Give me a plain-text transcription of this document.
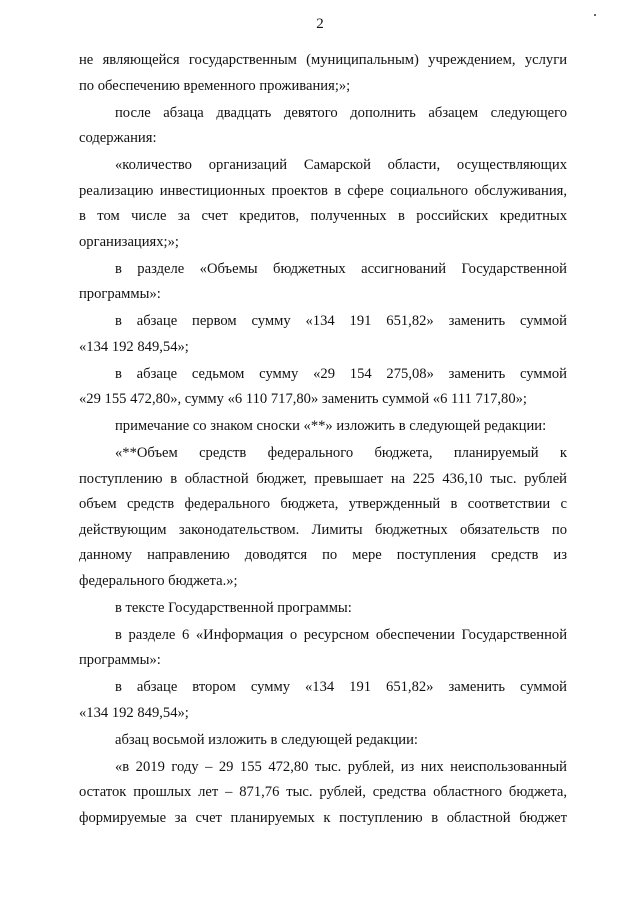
2
не являющейся государственным (муниципальным) учреждением, услуги
по обеспечению временного проживания;»;
после абзаца двадцать девятого дополнить абзацем следующего
содержания:
«количество организаций Самарской области, осуществляющих
реализацию инвестиционных проектов в сфере социального обслуживания,
в том числе за счет кредитов, полученных в российских кредитных
организациях;»;
в разделе «Объемы бюджетных ассигнований Государственной
программы»:
в абзаце первом сумму «134 191 651,82» заменить суммой
«134 192 849,54»;
в абзаце седьмом сумму «29 154 275,08» заменить суммой
«29 155 472,80», сумму «6 110 717,80» заменить суммой «6 111 717,80»;
примечание со знаком сноски «**» изложить в следующей редакции:
«**Объем средств федерального бюджета, планируемый к
поступлению в областной бюджет, превышает на 225 436,10 тыс. рублей
объем средств федерального бюджета, утвержденный в соответствии с
действующим законодательством. Лимиты бюджетных обязательств по
данному направлению доводятся по мере поступления средств из
федерального бюджета.»;
в тексте Государственной программы:
в разделе 6 «Информация о ресурсном обеспечении Государственной
программы»:
в абзаце втором сумму «134 191 651,82» заменить суммой
«134 192 849,54»;
абзац восьмой изложить в следующей редакции:
«в 2019 году – 29 155 472,80 тыс. рублей, из них неиспользованный
остаток прошлых лет – 871,76 тыс. рублей, средства областного бюджета,
формируемые за счет планируемых к поступлению в областной бюджет
